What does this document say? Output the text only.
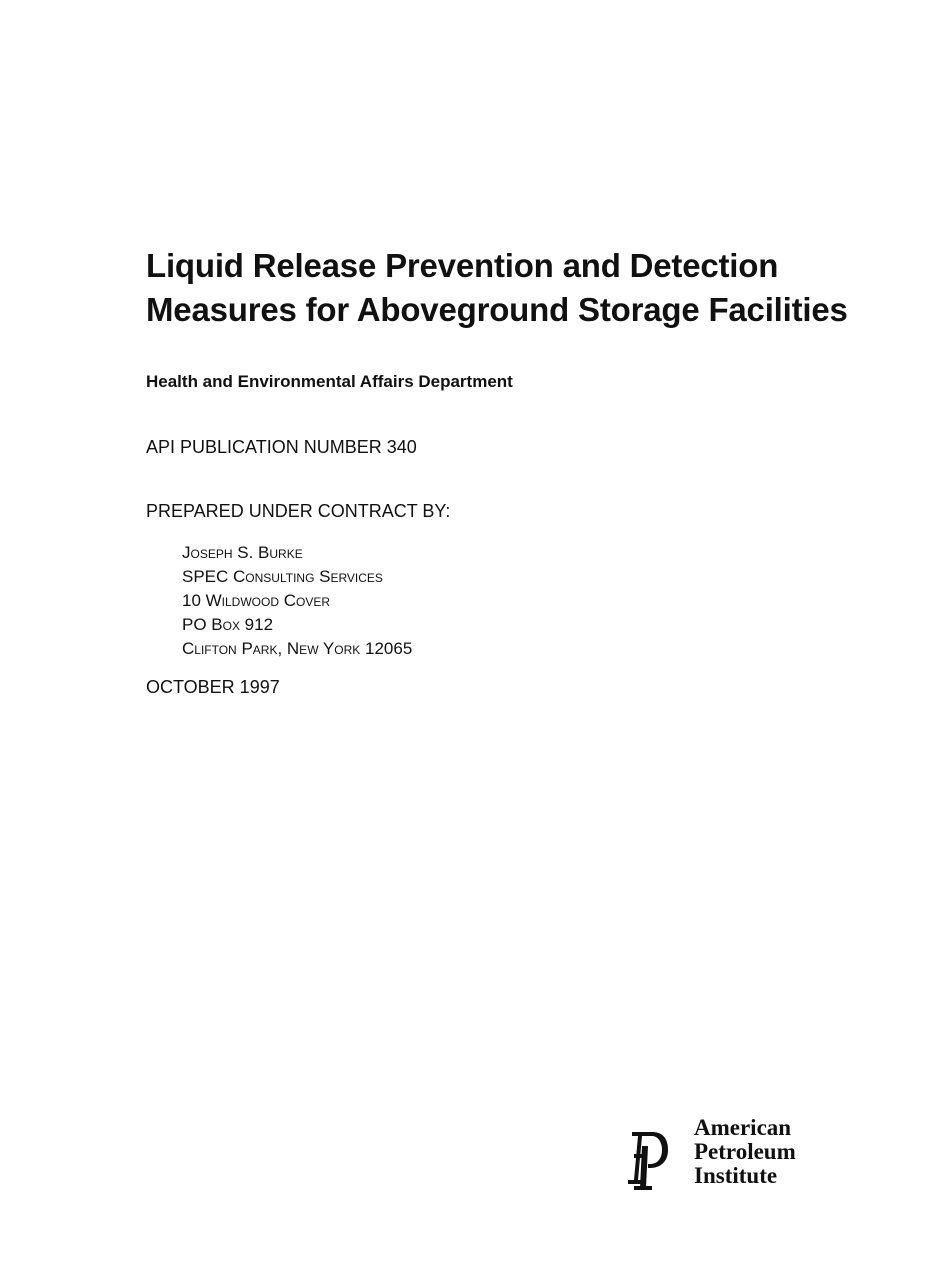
Liquid Release Prevention and Detection
Measures for Aboveground Storage Facilities
Health and Environmental Affairs Department
API PUBLICATION NUMBER 340
PREPARED UNDER CONTRACT BY:
Joseph S. Burke
SPEC Consulting Services
10 Wildwood Cover
PO Box 912
Clifton Park, New York 12065
OCTOBER 1997
American
Petroleum
Institute
